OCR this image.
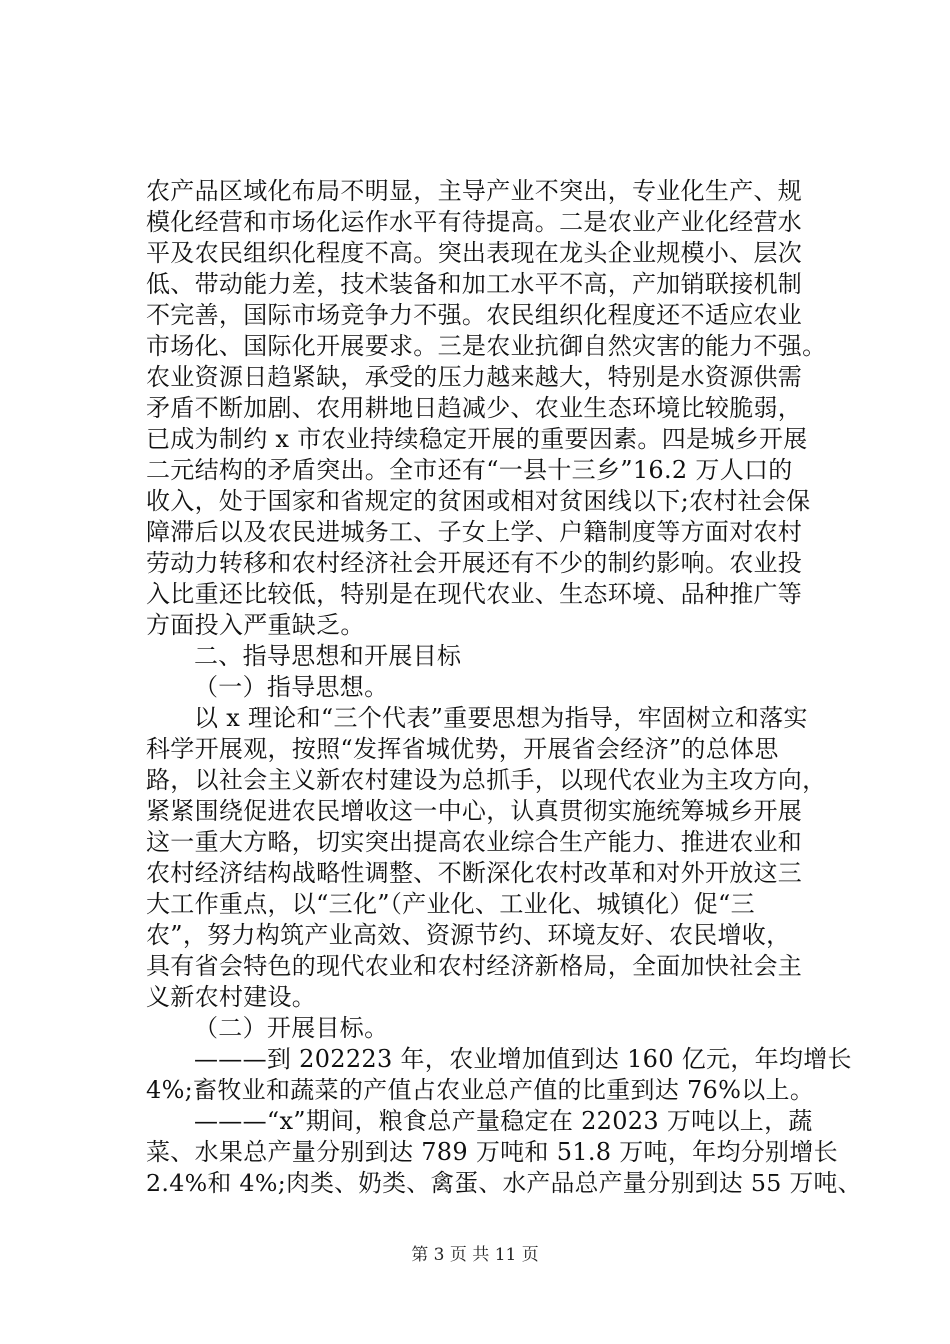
农产品区域化布局不明显，主导产业不突出，专业化生产、规
模化经营和市场化运作水平有待提高。二是农业产业化经营水
平及农民组织化程度不高。突出表现在龙头企业规模小、层次
低、带动能力差，技术装备和加工水平不高，产加销联接机制
不完善，国际市场竞争力不强。农民组织化程度还不适应农业
市场化、国际化开展要求。三是农业抗御自然灾害的能力不强。
农业资源日趋紧缺，承受的压力越来越大，特别是水资源供需
矛盾不断加剧、农用耕地日趋减少、农业生态环境比较脆弱，
已成为制约 x 市农业持续稳定开展的重要因素。四是城乡开展
二元结构的矛盾突出。全市还有“一县十三乡”16.2 万人口的
收入，处于国家和省规定的贫困或相对贫困线以下;农村社会保
障滞后以及农民进城务工、子女上学、户籍制度等方面对农村
劳动力转移和农村经济社会开展还有不少的制约影响。农业投
入比重还比较低，特别是在现代农业、生态环境、品种推广等
方面投入严重缺乏。
二、指导思想和开展目标
（一）指导思想。
以 x 理论和“三个代表”重要思想为指导，牢固树立和落实
科学开展观，按照“发挥省城优势，开展省会经济”的总体思
路，以社会主义新农村建设为总抓手，以现代农业为主攻方向，
紧紧围绕促进农民增收这一中心，认真贯彻实施统筹城乡开展
这一重大方略，切实突出提高农业综合生产能力、推进农业和
农村经济结构战略性调整、不断深化农村改革和对外开放这三
大工作重点，以“三化”（产业化、工业化、城镇化）促“三
农”，努力构筑产业高效、资源节约、环境友好、农民增收，
具有省会特色的现代农业和农村经济新格局，全面加快社会主
义新农村建设。
（二）开展目标。
———到 202223 年，农业增加值到达 160 亿元，年均增长
4%;畜牧业和蔬菜的产值占农业总产值的比重到达 76%以上。
———“x”期间，粮食总产量稳定在 22023 万吨以上，蔬
菜、水果总产量分别到达 789 万吨和 51.8 万吨，年均分别增长
2.4%和 4%;肉类、奶类、禽蛋、水产品总产量分别到达 55 万吨、
第 3 页 共 11 页
